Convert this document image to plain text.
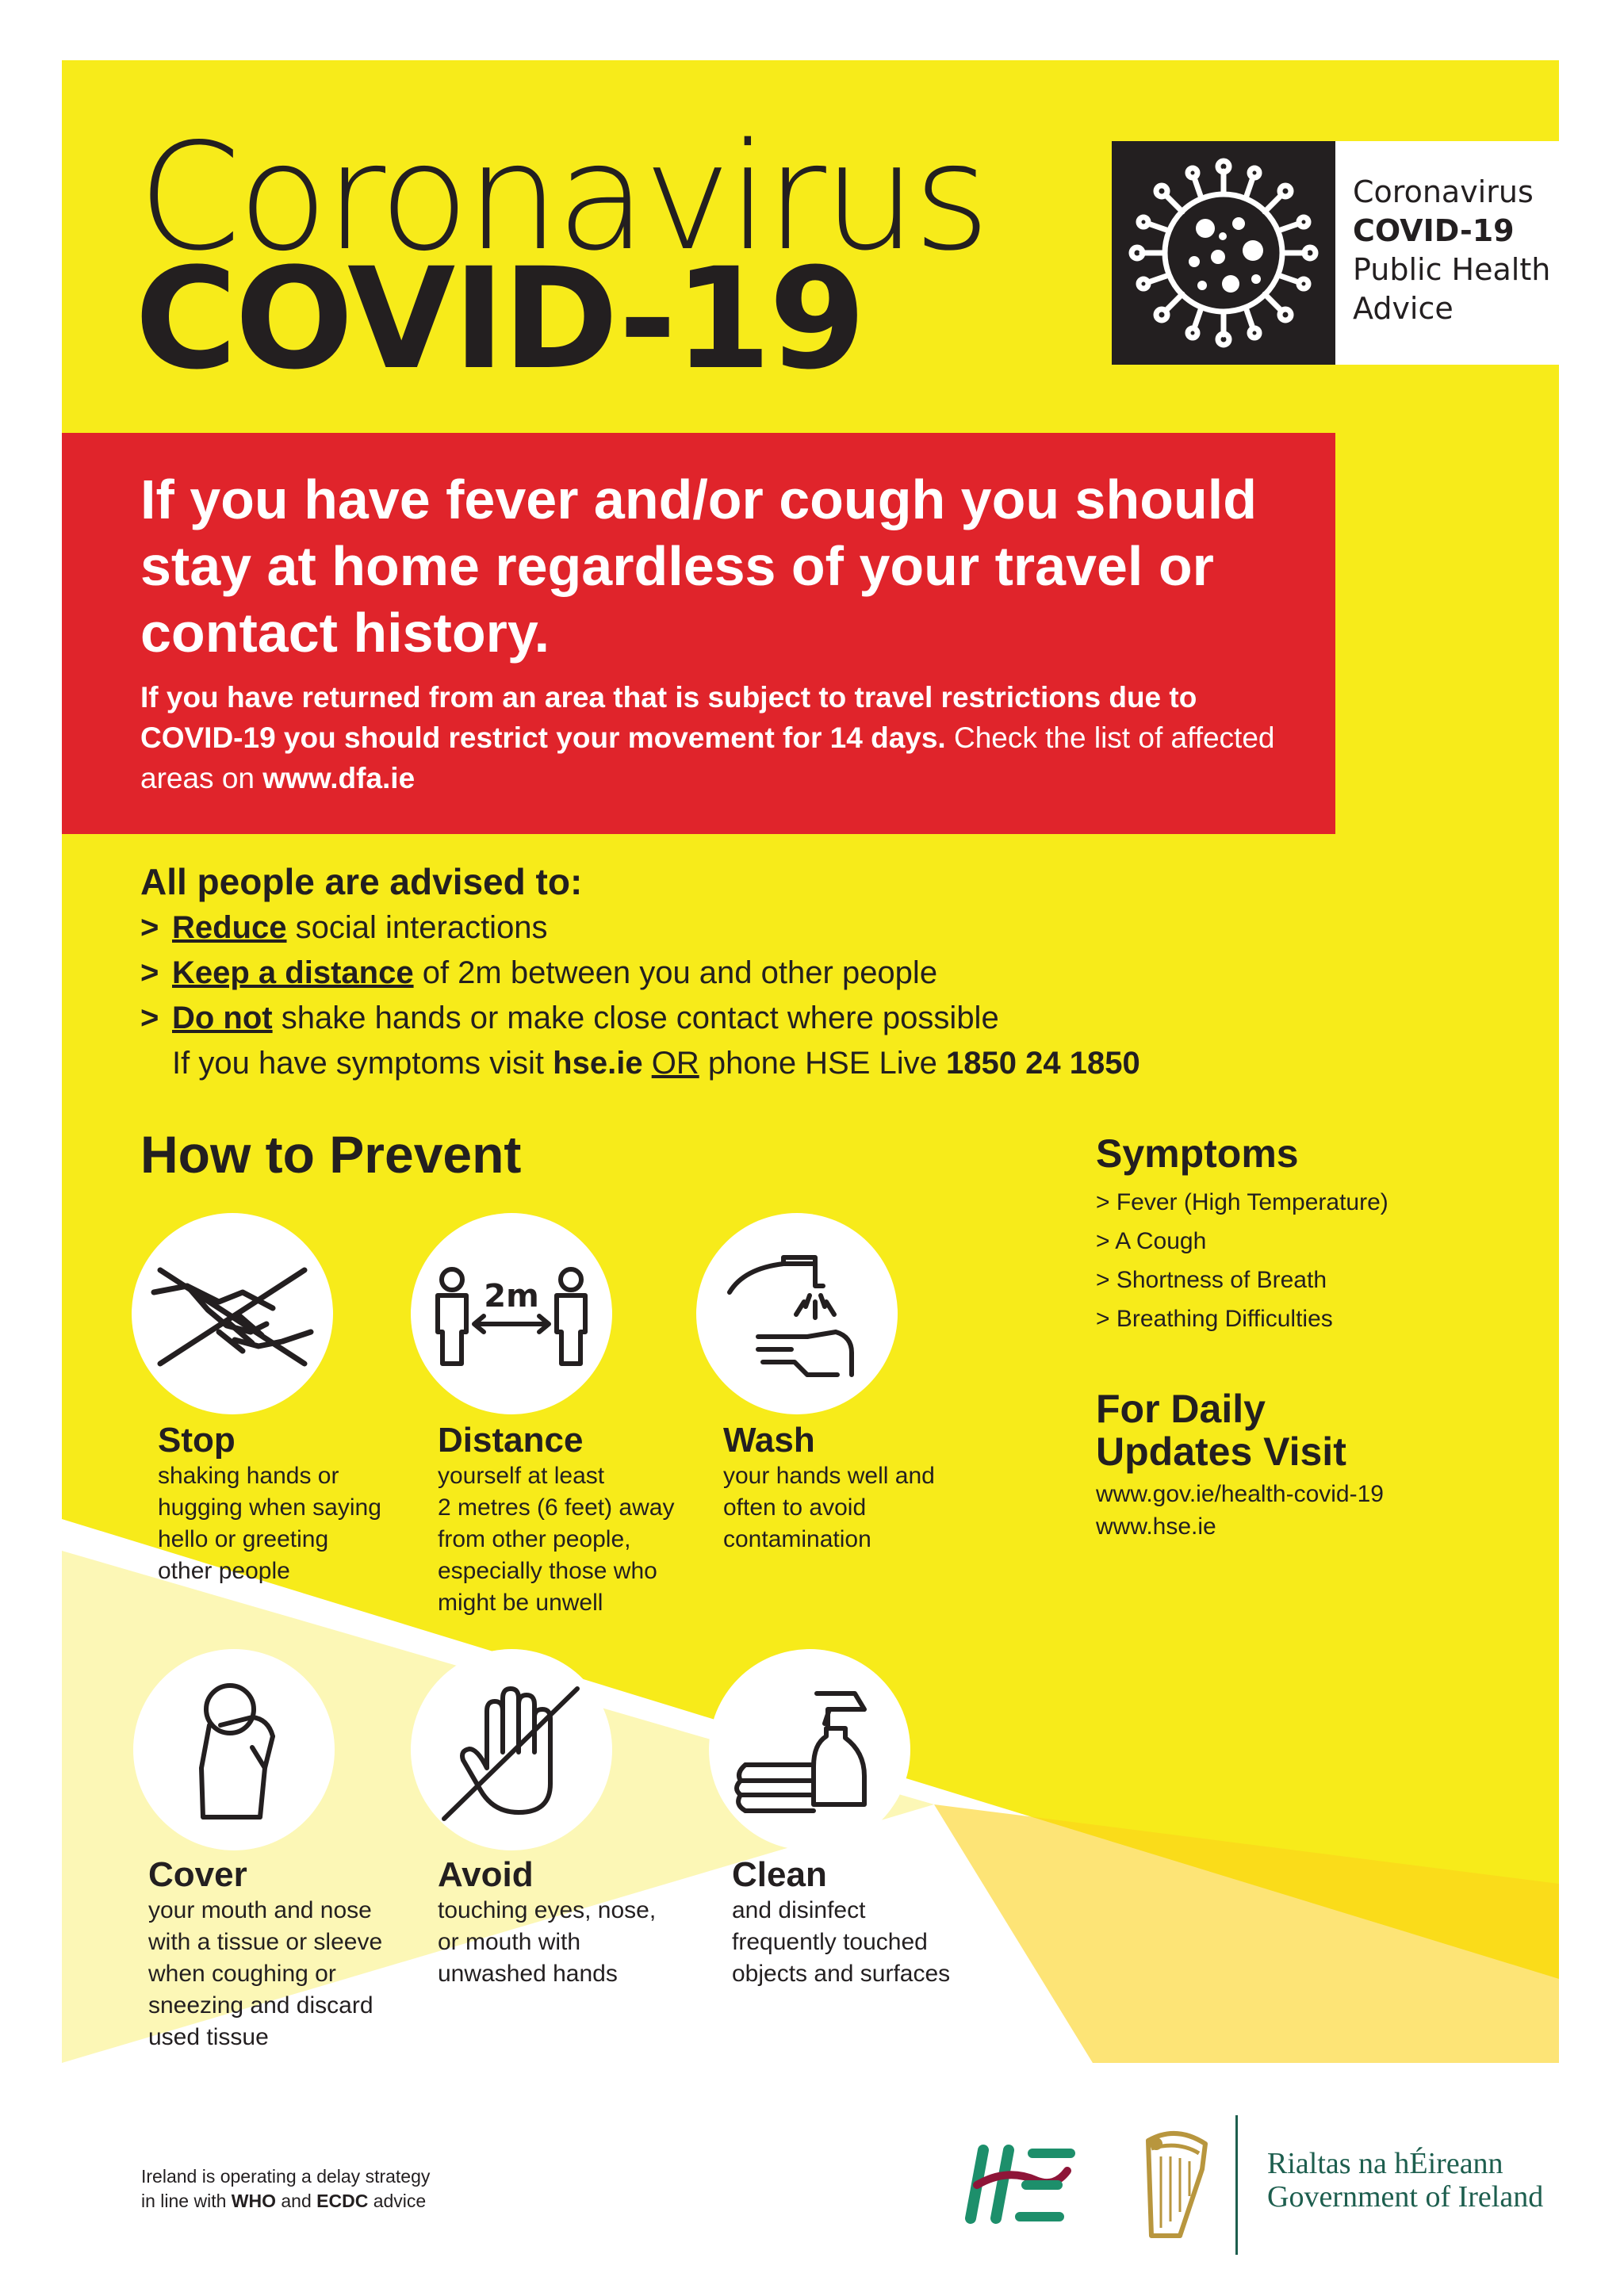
Coronavirus
COVID-19
Coronavirus
COVID-19
Public Health
Advice
If you have fever and/or cough you should stay at home regardless of your travel or contact history.
If you have returned from an area that is subject to travel restrictions due to COVID-19 you should restrict your movement for 14 days. Check the list of affected areas on www.dfa.ie
All people are advised to:
> Reduce social interactions
> Keep a distance of 2m between you and other people
> Do not shake hands or make close contact where possible
If you have symptoms visit hse.ie OR phone HSE Live 1850 24 1850
How to Prevent
2m
Stop
shaking hands or
hugging when saying
hello or greeting
other people
Distance
yourself at least
2 metres (6 feet) away
from other people,
especially those who
might be unwell
Wash
your hands well and
often to avoid
contamination
Cover
your mouth and nose
with a tissue or sleeve
when coughing or
sneezing and discard
used tissue
Avoid
touching eyes, nose,
or mouth with
unwashed hands
Clean
and disinfect
frequently touched
objects and surfaces
Symptoms
> Fever (High Temperature)
> A Cough
> Shortness of Breath
> Breathing Difficulties
For Daily
Updates Visit
www.gov.ie/health-covid-19
www.hse.ie
Ireland is operating a delay strategy
in line with WHO and ECDC advice
Rialtas na hÉireann
Government of Ireland
